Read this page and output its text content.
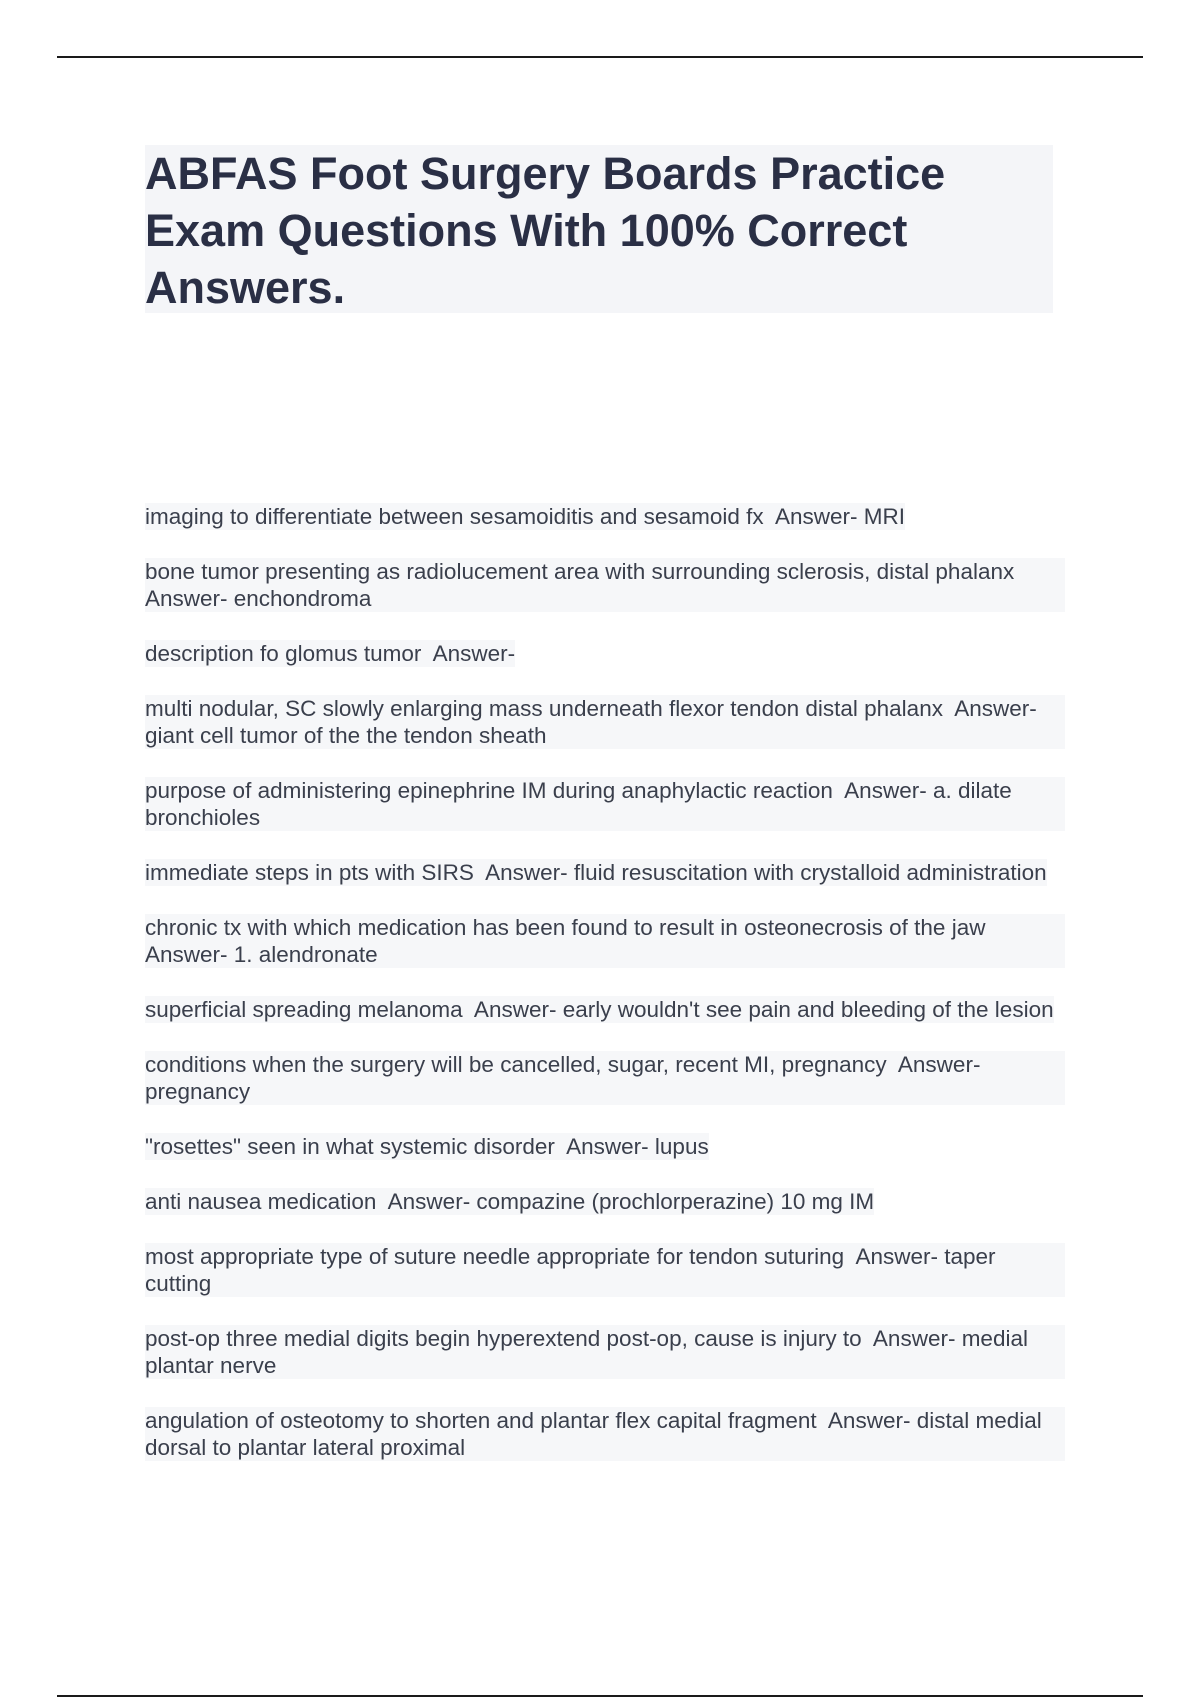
ABFAS Foot Surgery Boards Practice Exam Questions With 100% Correct Answers.
imaging to differentiate between sesamoiditis and sesamoid fx  Answer- MRI
bone tumor presenting as radiolucement area with surrounding sclerosis, distal phalanx  Answer- enchondroma
description fo glomus tumor  Answer-
multi nodular, SC slowly enlarging mass underneath flexor tendon distal phalanx  Answer- giant cell tumor of the the tendon sheath
purpose of administering epinephrine IM during anaphylactic reaction  Answer- a. dilate bronchioles
immediate steps in pts with SIRS  Answer- fluid resuscitation with crystalloid administration
chronic tx with which medication has been found to result in osteonecrosis of the jaw  Answer- 1. alendronate
superficial spreading melanoma  Answer- early wouldn't see pain and bleeding of the lesion
conditions when the surgery will be cancelled, sugar, recent MI, pregnancy  Answer- pregnancy
"rosettes" seen in what systemic disorder  Answer- lupus
anti nausea medication  Answer- compazine (prochlorperazine) 10 mg IM
most appropriate type of suture needle appropriate for tendon suturing  Answer- taper cutting
post-op three medial digits begin hyperextend post-op, cause is injury to  Answer- medial plantar nerve
angulation of osteotomy to shorten and plantar flex capital fragment  Answer- distal medial dorsal to plantar lateral proximal
